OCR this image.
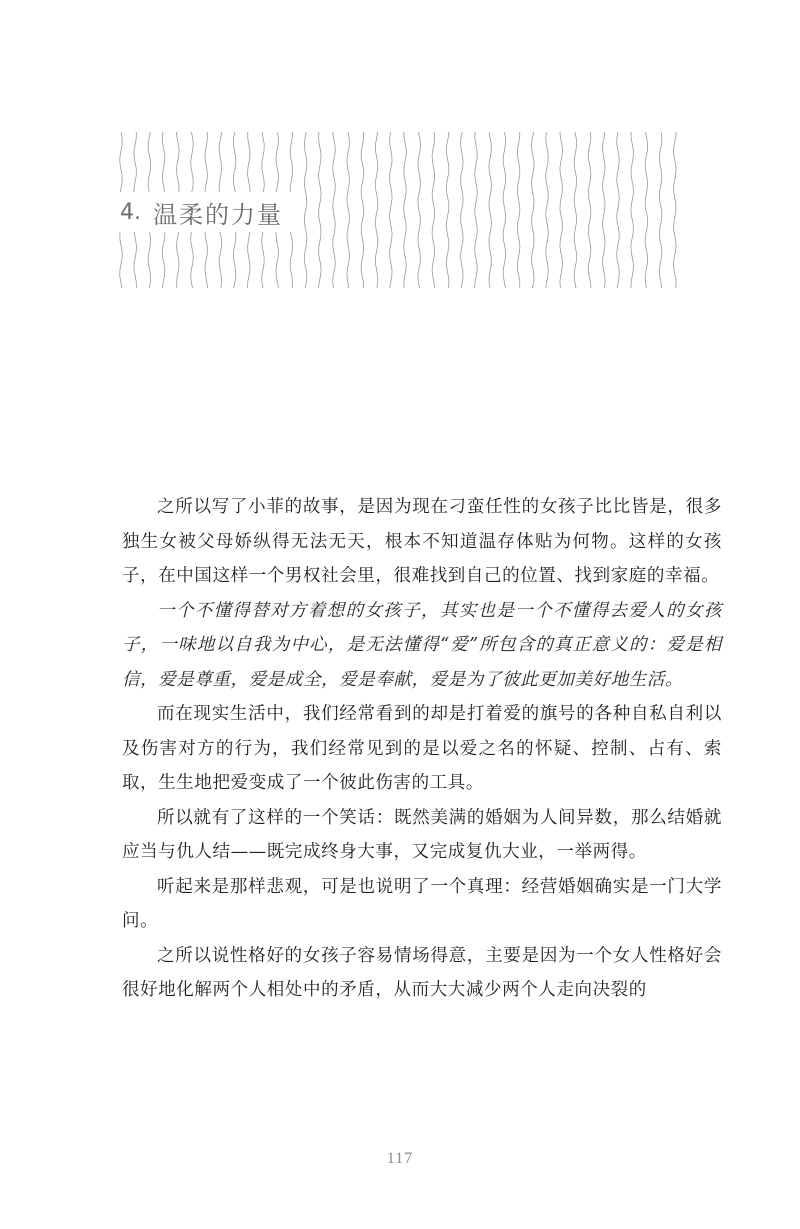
4. 温柔的力量

之所以写了小菲的故事，是因为现在刁蛮任性的女孩子比比皆是，很多独生女被父母娇纵得无法无天，根本不知道温存体贴为何物。这样的女孩子，在中国这样一个男权社会里，很难找到自己的位置、找到家庭的幸福。

一个不懂得替对方着想的女孩子，其实也是一个不懂得去爱人的女孩子，一味地以自我为中心，是无法懂得“爱”所包含的真正意义的：爱是相信，爱是尊重，爱是成全，爱是奉献，爱是为了彼此更加美好地生活。

而在现实生活中，我们经常看到的却是打着爱的旗号的各种自私自利以及伤害对方的行为，我们经常见到的是以爱之名的怀疑、控制、占有、索取，生生地把爱变成了一个彼此伤害的工具。

所以就有了这样的一个笑话：既然美满的婚姻为人间异数，那么结婚就应当与仇人结——既完成终身大事，又完成复仇大业，一举两得。

听起来是那样悲观，可是也说明了一个真理：经营婚姻确实是一门大学问。

之所以说性格好的女孩子容易情场得意，主要是因为一个女人性格好会很好地化解两个人相处中的矛盾，从而大大减少两个人走向决裂的

117
